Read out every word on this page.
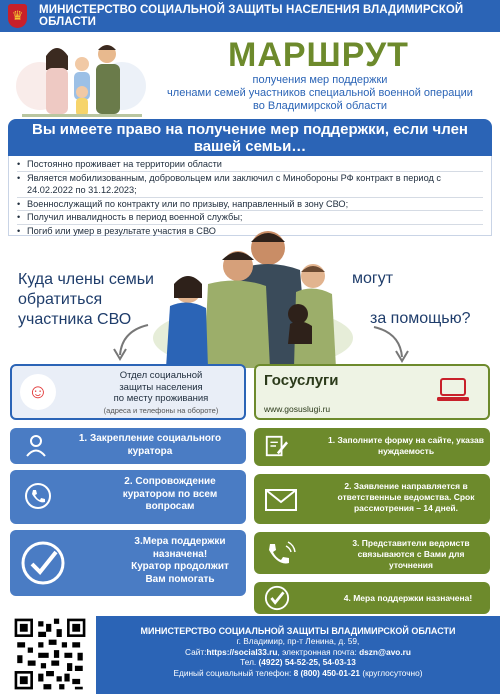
♛	МИНИСТЕРСТВО СОЦИАЛЬНОЙ ЗАЩИТЫ НАСЕЛЕНИЯ ВЛАДИМИРСКОЙ ОБЛАСТИ
МАРШРУТ
получения мер поддержки
членами семей участников специальной военной операции
во Владимирской области
Вы имеете право на получение мер поддержки, если член вашей семьи…
• Постоянно проживает на территории области
• Является мобилизованным, добровольцем или заключил с Минобороны РФ контракт в период с 24.02.2022 по 31.12.2023;
• Военнослужащий по контракту или по призыву, направленный в зону СВО;
• Получил инвалидность в период военной службы;
• Погиб или умер в результате участия в СВО
Куда члены семьи обратиться участника СВО
могут
за помощью?
☺
Отдел социальной
защиты населения
по месту проживания
(адреса и телефоны на обороте)
Госуслуги
www.gosuslugi.ru
1. Закрепление социального куратора
2. Сопровождение куратором по всем вопросам
3.Мера поддержки
назначена!
Куратор продолжит
Вам помогать
1. Заполните форму на сайте, указав нуждаемость
2. Заявление направляется в ответственные ведомства. Срок рассмотрения – 14 дней.
3. Представители ведомств связываются с Вами для уточнения
4. Мера поддержки назначена!
МИНИСТЕРСТВО СОЦИАЛЬНОЙ ЗАЩИТЫ ВЛАДИМИРСКОЙ ОБЛАСТИ
г. Владимир, пр-т Ленина, д. 59,
Сайт:https://social33.ru, электронная почта: dszn@avo.ru
Тел. (4922) 54-52-25, 54-03-13
Единый социальный телефон: 8 (800) 450-01-21 (круглосуточно)
